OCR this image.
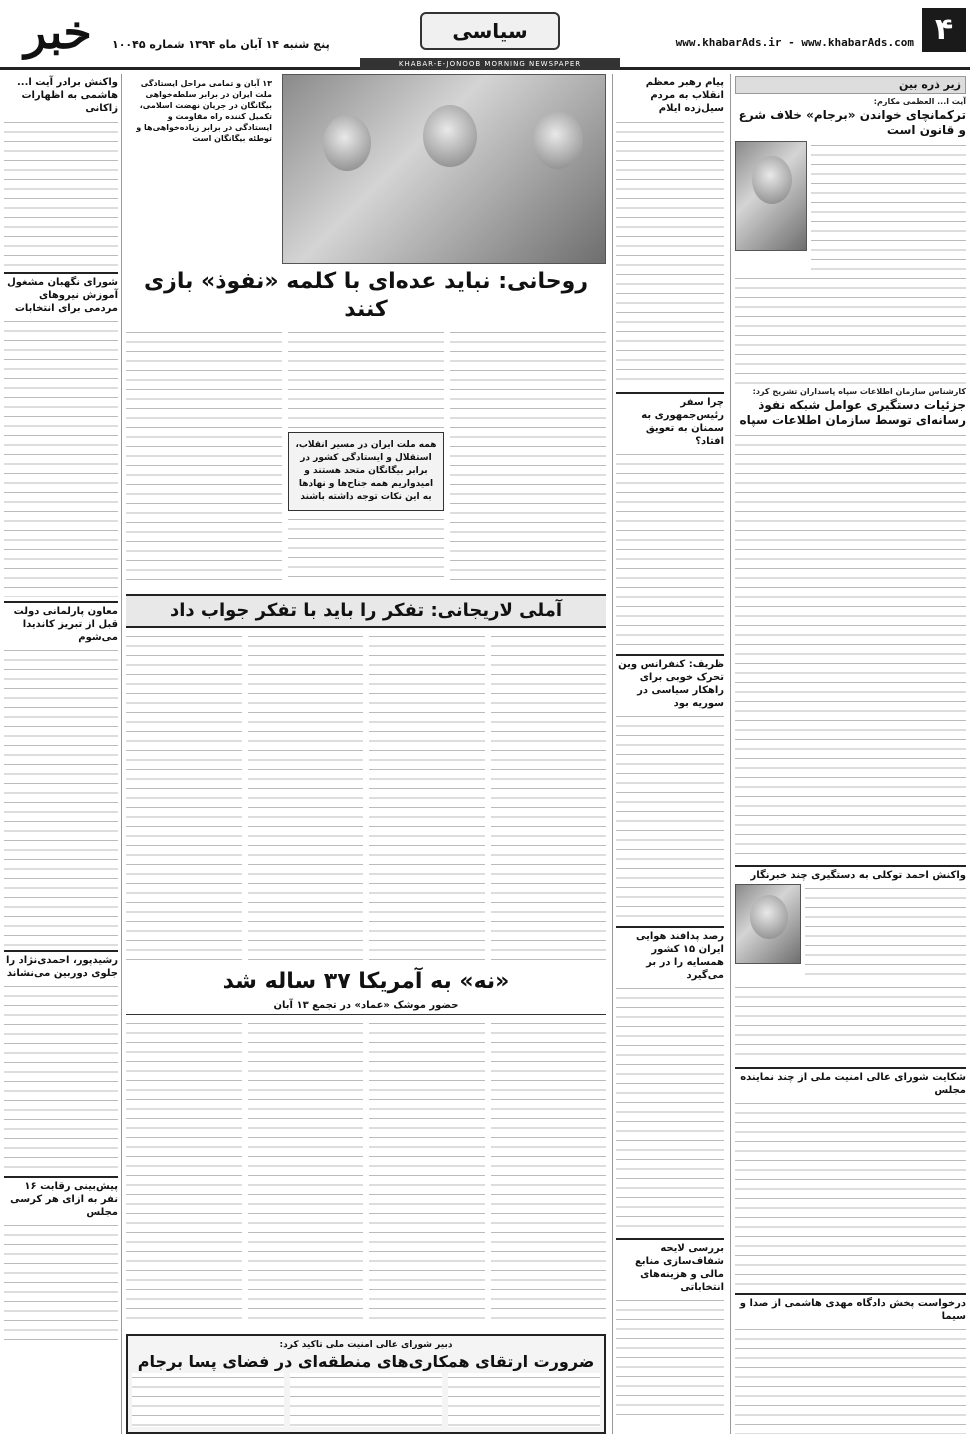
۴
www.khabarAds.ir - www.khabarAds.com
سیاسی
KHABAR-E-JONOOB MORNING NEWSPAPER
خبر	پنج شنبه ۱۴ آبان ماه ۱۳۹۴ شماره ۱۰۰۴۵
زیر ذره بین
آیت ا... العظمی مکارم:
ترکمانچای خواندن «برجام» خلاف شرع و قانون است
کارشناس سازمان اطلاعات سپاه پاسداران تشریح کرد:
جزئیات دستگیری عوامل شبکه نفوذ رسانه‌ای توسط سازمان اطلاعات سپاه
واکنش احمد توکلی به دستگیری چند خبرنگار
شکایت شورای عالی امنیت ملی از چند نماینده مجلس
درخواست پخش دادگاه مهدی هاشمی از صدا و سیما
پیام رهبر معظم انقلاب به مردم سیل‌زده ایلام
چرا سفر رئیس‌جمهوری به سمنان به تعویق افتاد؟
ظریف: کنفرانس وین تحرک خوبی برای راهکار سیاسی در سوریه بود
رصد پدافند هوایی ایران ۱۵ کشور همسایه را در بر می‌گیرد
بررسی لایحه شفاف‌سازی منابع مالی و هزینه‌های انتخاباتی
واکنش برادر آیت ا... هاشمی به اظهارات زاکانی
شورای نگهبان مشغول آموزش نیروهای مردمی برای انتخابات
معاون پارلمانی دولت قبل از تبریز کاندیدا می‌شوم
رشیدپور، احمدی‌نژاد را جلوی دوربین می‌نشاند
پیش‌بینی رقابت ۱۶ نفر به ازای هر کرسی مجلس
۱۳ آبان و تمامی مراحل ایستادگی ملت ایران در برابر سلطه‌خواهی بیگانگان در جریان نهضت اسلامی، تکمیل کننده راه مقاومت و ایستادگی در برابر زیاده‌خواهی‌ها و توطئه بیگانگان است
روحانی: نباید عده‌ای با کلمه «نفوذ» بازی کنند
همه ملت ایران در مسیر انقلاب، استقلال و ایستادگی کشور در برابر بیگانگان متحد هستند و امیدواریم همه جناح‌ها و نهادها به این نکات توجه داشته باشند
آملی لاریجانی: تفکر را باید با تفکر جواب داد
«نه» به آمریکا ۳۷ ساله شد
حضور موشک «عماد» در تجمع ۱۳ آبان
دبیر شورای عالی امنیت ملی تاکید کرد:
ضرورت ارتقای همکاری‌های منطقه‌ای در فضای پسا برجام
